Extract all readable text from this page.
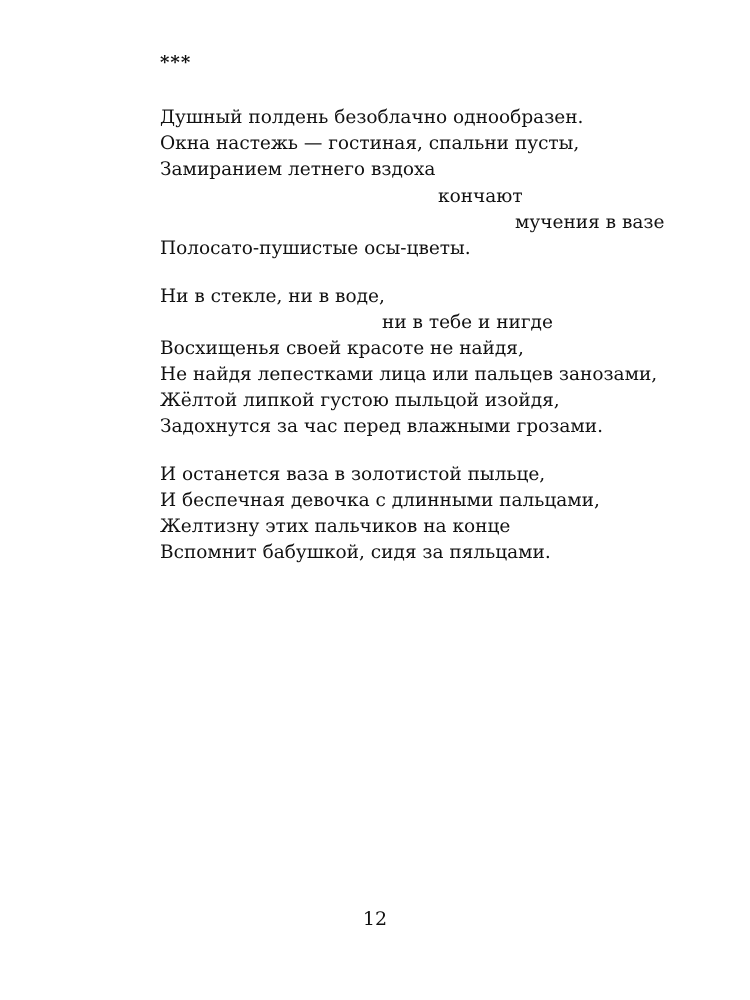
***
Душный полдень безоблачно однообразен.
Окна настежь — гостиная, спальни пусты,
Замиранием летнего вздоха
кончают
мучения в вазе
Полосато-пушистые осы-цветы.
Ни в стекле, ни в воде,
ни в тебе и нигде
Восхищенья своей красоте не найдя,
Не найдя лепестками лица или пальцев занозами,
Жёлтой липкой густою пыльцой изойдя,
Задохнутся за час перед влажными грозами.
И останется ваза в золотистой пыльце,
И беспечная девочка с длинными пальцами,
Желтизну этих пальчиков на конце
Вспомнит бабушкой, сидя за пяльцами.
12
